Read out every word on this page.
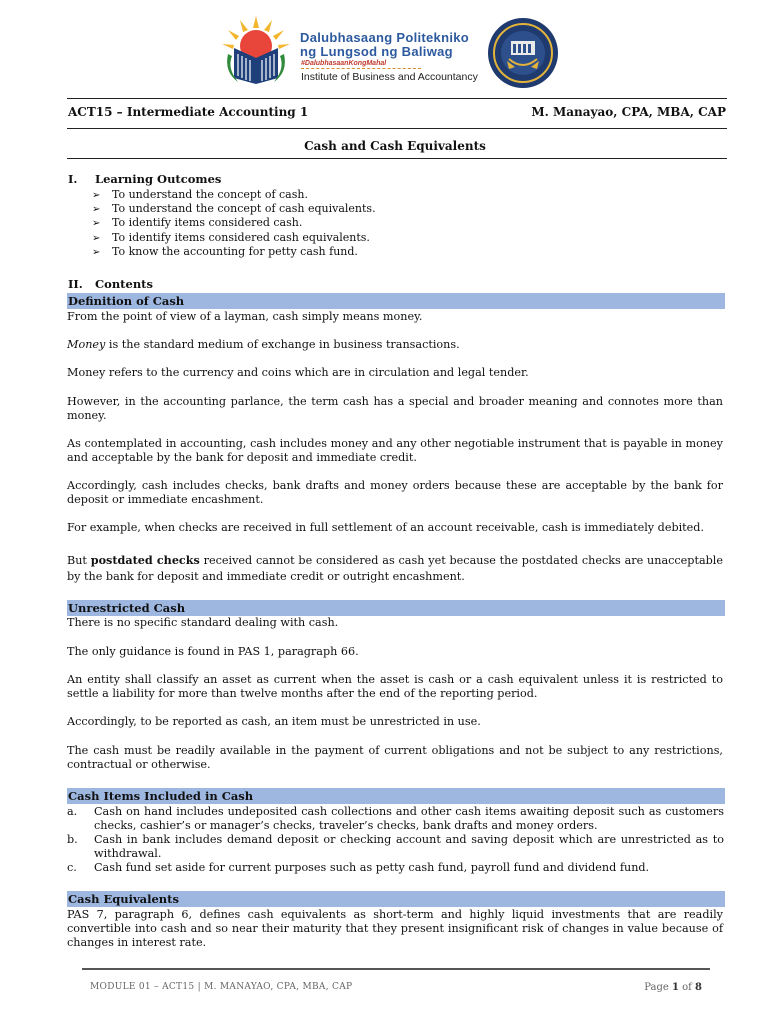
Dalubhasaang Politekniko
ng Lungsod ng Baliwag
#DalubhasaanKongMahal
Institute of Business and Accountancy
ACT15 – Intermediate Accounting 1	M. Manayao, CPA, MBA, CAP
Cash and Cash Equivalents
I. Learning Outcomes
➢ To understand the concept of cash.
➢ To understand the concept of cash equivalents.
➢ To identify items considered cash.
➢ To identify items considered cash equivalents.
➢ To know the accounting for petty cash fund.
II. Contents
Definition of Cash
From the point of view of a layman, cash simply means money.
Money is the standard medium of exchange in business transactions.
Money refers to the currency and coins which are in circulation and legal tender.
However, in the accounting parlance, the term cash has a special and broader meaning and connotes more than money.
As contemplated in accounting, cash includes money and any other negotiable instrument that is payable in money and acceptable by the bank for deposit and immediate credit.
Accordingly, cash includes checks, bank drafts and money orders because these are acceptable by the bank for deposit or immediate encashment.
For example, when checks are received in full settlement of an account receivable, cash is immediately debited.
But postdated checks received cannot be considered as cash yet because the postdated checks are unacceptable by the bank for deposit and immediate credit or outright encashment.
Unrestricted Cash
There is no specific standard dealing with cash.
The only guidance is found in PAS 1, paragraph 66.
An entity shall classify an asset as current when the asset is cash or a cash equivalent unless it is restricted to settle a liability for more than twelve months after the end of the reporting period.
Accordingly, to be reported as cash, an item must be unrestricted in use.
The cash must be readily available in the payment of current obligations and not be subject to any restrictions, contractual or otherwise.
Cash Items Included in Cash
a. Cash on hand includes undeposited cash collections and other cash items awaiting deposit such as customers checks, cashier’s or manager’s checks, traveler’s checks, bank drafts and money orders.
b. Cash in bank includes demand deposit or checking account and saving deposit which are unrestricted as to withdrawal.
c. Cash fund set aside for current purposes such as petty cash fund, payroll fund and dividend fund.
Cash Equivalents
PAS 7, paragraph 6, defines cash equivalents as short-term and highly liquid investments that are readily convertible into cash and so near their maturity that they present insignificant risk of changes in value because of changes in interest rate.
MODULE 01 – ACT15 | M. MANAYAO, CPA, MBA, CAP	Page 1 of 8
